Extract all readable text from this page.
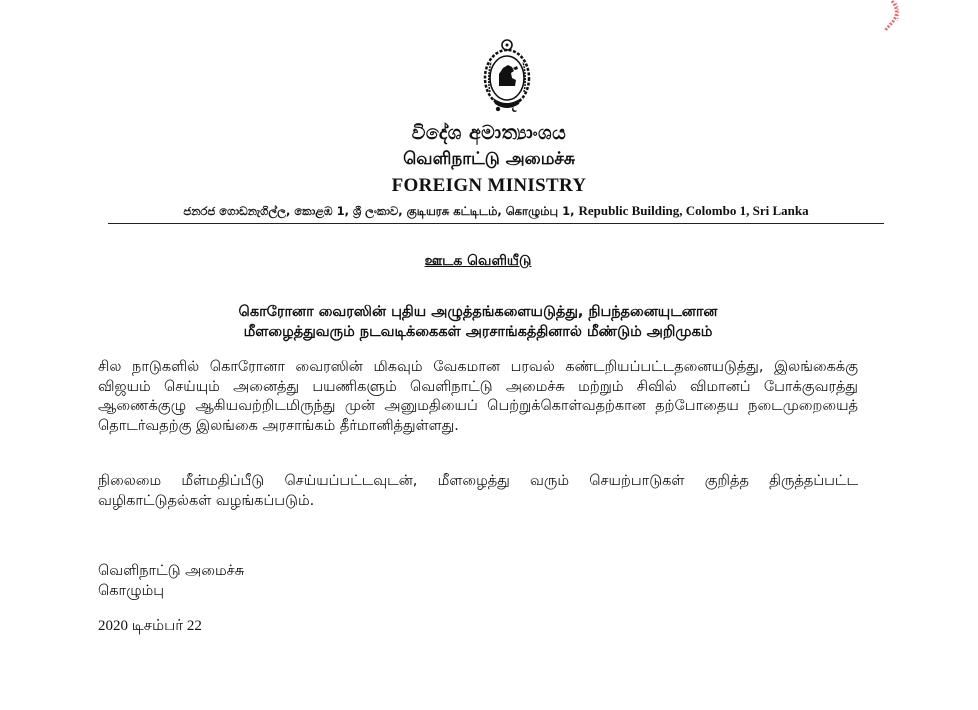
විදේශ අමාත්‍යාංශය
வெளிநாட்டு அமைச்சு
FOREIGN MINISTRY
ජනරජ ගොඩනැගිල්ල, කොළඹ 1, ශ්‍රී ලංකාව, குடியரசு கட்டிடம், கொழும்பு 1, Republic Building, Colombo 1, Sri Lanka
ஊடக வெளியீடு
கொரோனா வைரஸின் புதிய அழுத்தங்களையடுத்து, நிபந்தனையுடனான
மீளழைத்துவரும் நடவடிக்கைகள் அரசாங்கத்தினால் மீண்டும் அறிமுகம்
சில நாடுகளில் கொரோனா வைரஸின் மிகவும் வேகமான பரவல் கண்டறியப்பட்டதனையடுத்து, இலங்கைக்கு விஜயம் செய்யும் அனைத்து பயணிகளும் வெளிநாட்டு அமைச்சு மற்றும் சிவில் விமானப் போக்குவரத்து ஆணைக்குழு ஆகியவற்றிடமிருந்து முன் அனுமதியைப் பெற்றுக்கொள்வதற்கான தற்போதைய நடைமுறையைத் தொடர்வதற்கு இலங்கை அரசாங்கம் தீர்மானித்துள்ளது.
நிலைமை மீள்மதிப்பீடு செய்யப்பட்டவுடன், மீளழைத்து வரும் செயற்பாடுகள் குறித்த திருத்தப்பட்ட வழிகாட்டுதல்கள் வழங்கப்படும்.
வெளிநாட்டு அமைச்சு
கொழும்பு
2020 டிசம்பர் 22
